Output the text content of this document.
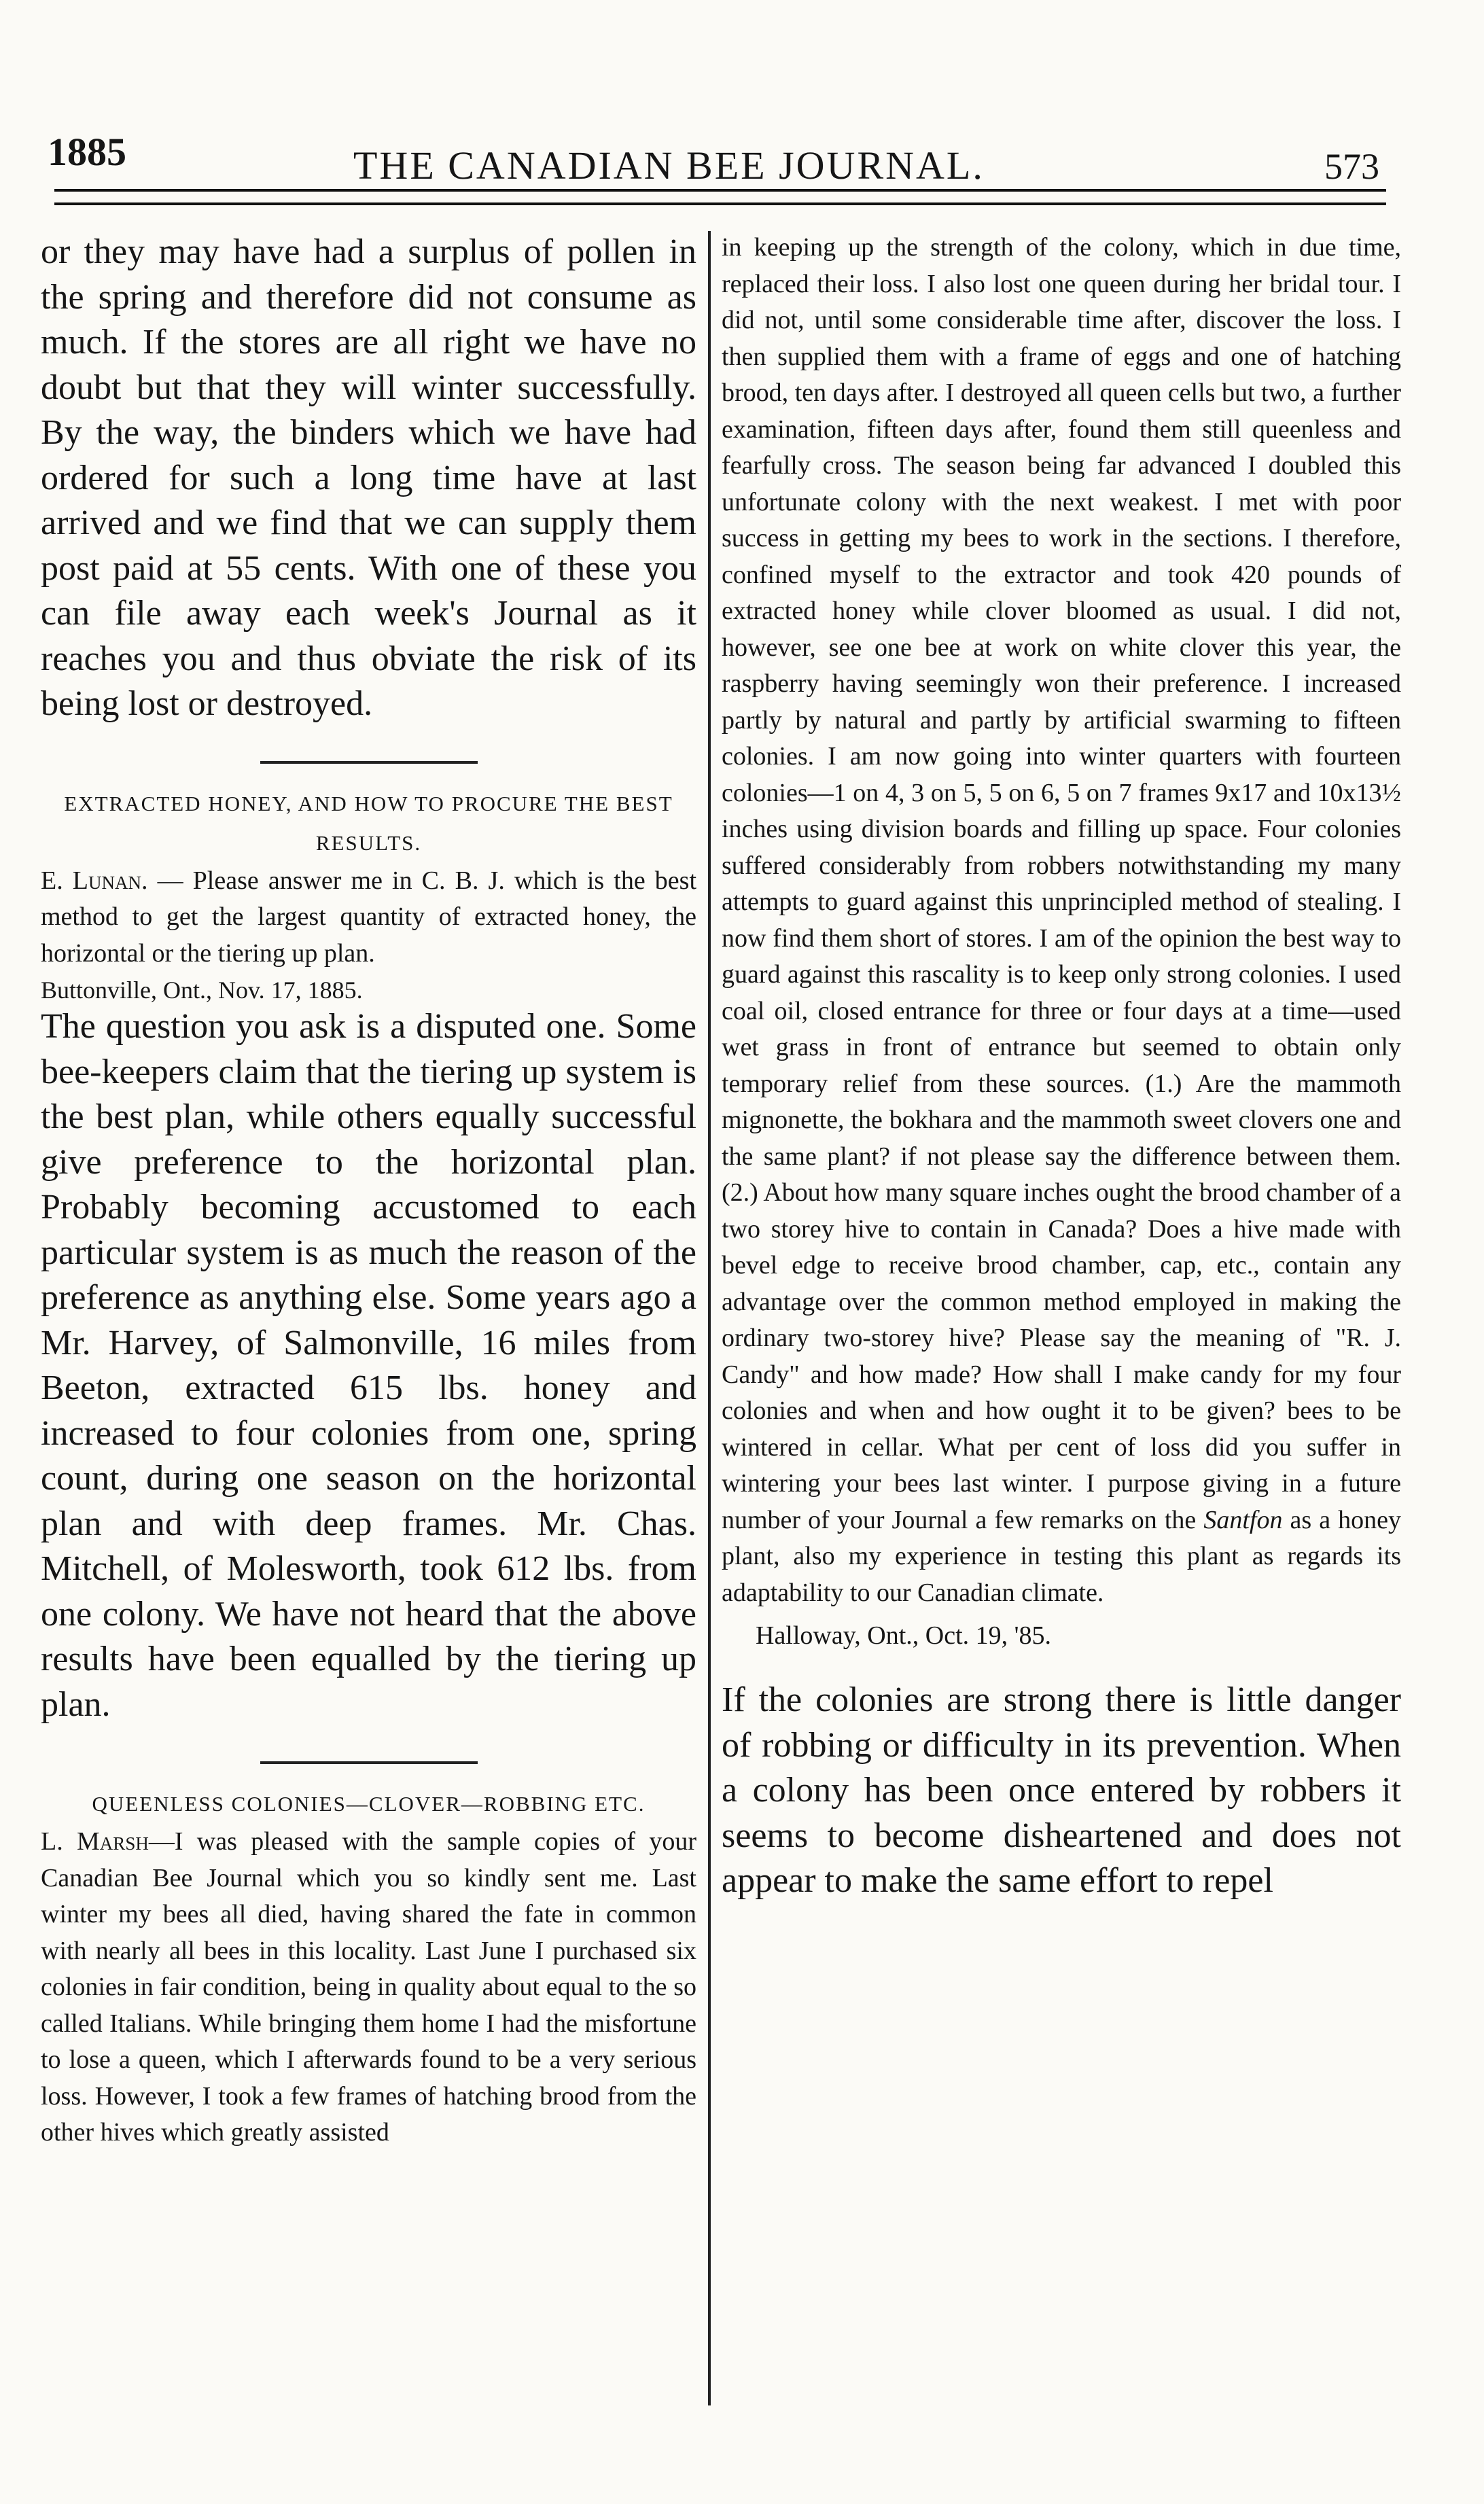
1885	THE CANADIAN BEE JOURNAL.	573

or they may have had a surplus of pollen in the spring and therefore did not consume as much. If the stores are all right we have no doubt but that they will winter successfully. By the way, the binders which we have had ordered for such a long time have at last arrived and we find that we can supply them post paid at 55 cents. With one of these you can file away each week's Journal as it reaches you and thus obviate the risk of its being lost or destroyed.

EXTRACTED HONEY, AND HOW TO PROCURE THE BEST RESULTS.

E. Lunan. — Please answer me in C. B. J. which is the best method to get the largest quantity of extracted honey, the horizontal or the tiering up plan.

Buttonville, Ont., Nov. 17, 1885.

The question you ask is a disputed one. Some bee-keepers claim that the tiering up system is the best plan, while others equally successful give preference to the horizontal plan. Probably becoming accustomed to each particular system is as much the reason of the preference as anything else. Some years ago a Mr. Harvey, of Salmonville, 16 miles from Beeton, extracted 615 lbs. honey and increased to four colonies from one, spring count, during one season on the horizontal plan and with deep frames. Mr. Chas. Mitchell, of Molesworth, took 612 lbs. from one colony. We have not heard that the above results have been equalled by the tiering up plan.

QUEENLESS COLONIES—CLOVER—ROBBING ETC.

L. Marsh—I was pleased with the sample copies of your Canadian Bee Journal which you so kindly sent me. Last winter my bees all died, having shared the fate in common with nearly all bees in this locality. Last June I purchased six colonies in fair condition, being in quality about equal to the so called Italians. While bringing them home I had the misfortune to lose a queen, which I afterwards found to be a very serious loss. However, I took a few frames of hatching brood from the other hives which greatly assisted

in keeping up the strength of the colony, which in due time, replaced their loss. I also lost one queen during her bridal tour. I did not, until some considerable time after, discover the loss. I then supplied them with a frame of eggs and one of hatching brood, ten days after. I destroyed all queen cells but two, a further examination, fifteen days after, found them still queenless and fearfully cross. The season being far advanced I doubled this unfortunate colony with the next weakest. I met with poor success in getting my bees to work in the sections. I therefore, confined myself to the extractor and took 420 pounds of extracted honey while clover bloomed as usual. I did not, however, see one bee at work on white clover this year, the raspberry having seemingly won their preference. I increased partly by natural and partly by artificial swarming to fifteen colonies. I am now going into winter quarters with fourteen colonies—1 on 4, 3 on 5, 5 on 6, 5 on 7 frames 9x17 and 10x13½ inches using division boards and filling up space. Four colonies suffered considerably from robbers notwithstanding my many attempts to guard against this unprincipled method of stealing. I now find them short of stores. I am of the opinion the best way to guard against this rascality is to keep only strong colonies. I used coal oil, closed entrance for three or four days at a time—used wet grass in front of entrance but seemed to obtain only temporary relief from these sources. (1.) Are the mammoth mignonette, the bokhara and the mammoth sweet clovers one and the same plant? if not please say the difference between them. (2.) About how many square inches ought the brood chamber of a two storey hive to contain in Canada? Does a hive made with bevel edge to receive brood chamber, cap, etc., contain any advantage over the common method employed in making the ordinary two-storey hive? Please say the meaning of "R. J. Candy" and how made? How shall I make candy for my four colonies and when and how ought it to be given? bees to be wintered in cellar. What per cent of loss did you suffer in wintering your bees last winter. I purpose giving in a future number of your Journal a few remarks on the Santfon as a honey plant, also my experience in testing this plant as regards its adaptability to our Canadian climate.

Halloway, Ont., Oct. 19, '85.

If the colonies are strong there is little danger of robbing or difficulty in its prevention. When a colony has been once entered by robbers it seems to become disheartened and does not appear to make the same effort to repel
